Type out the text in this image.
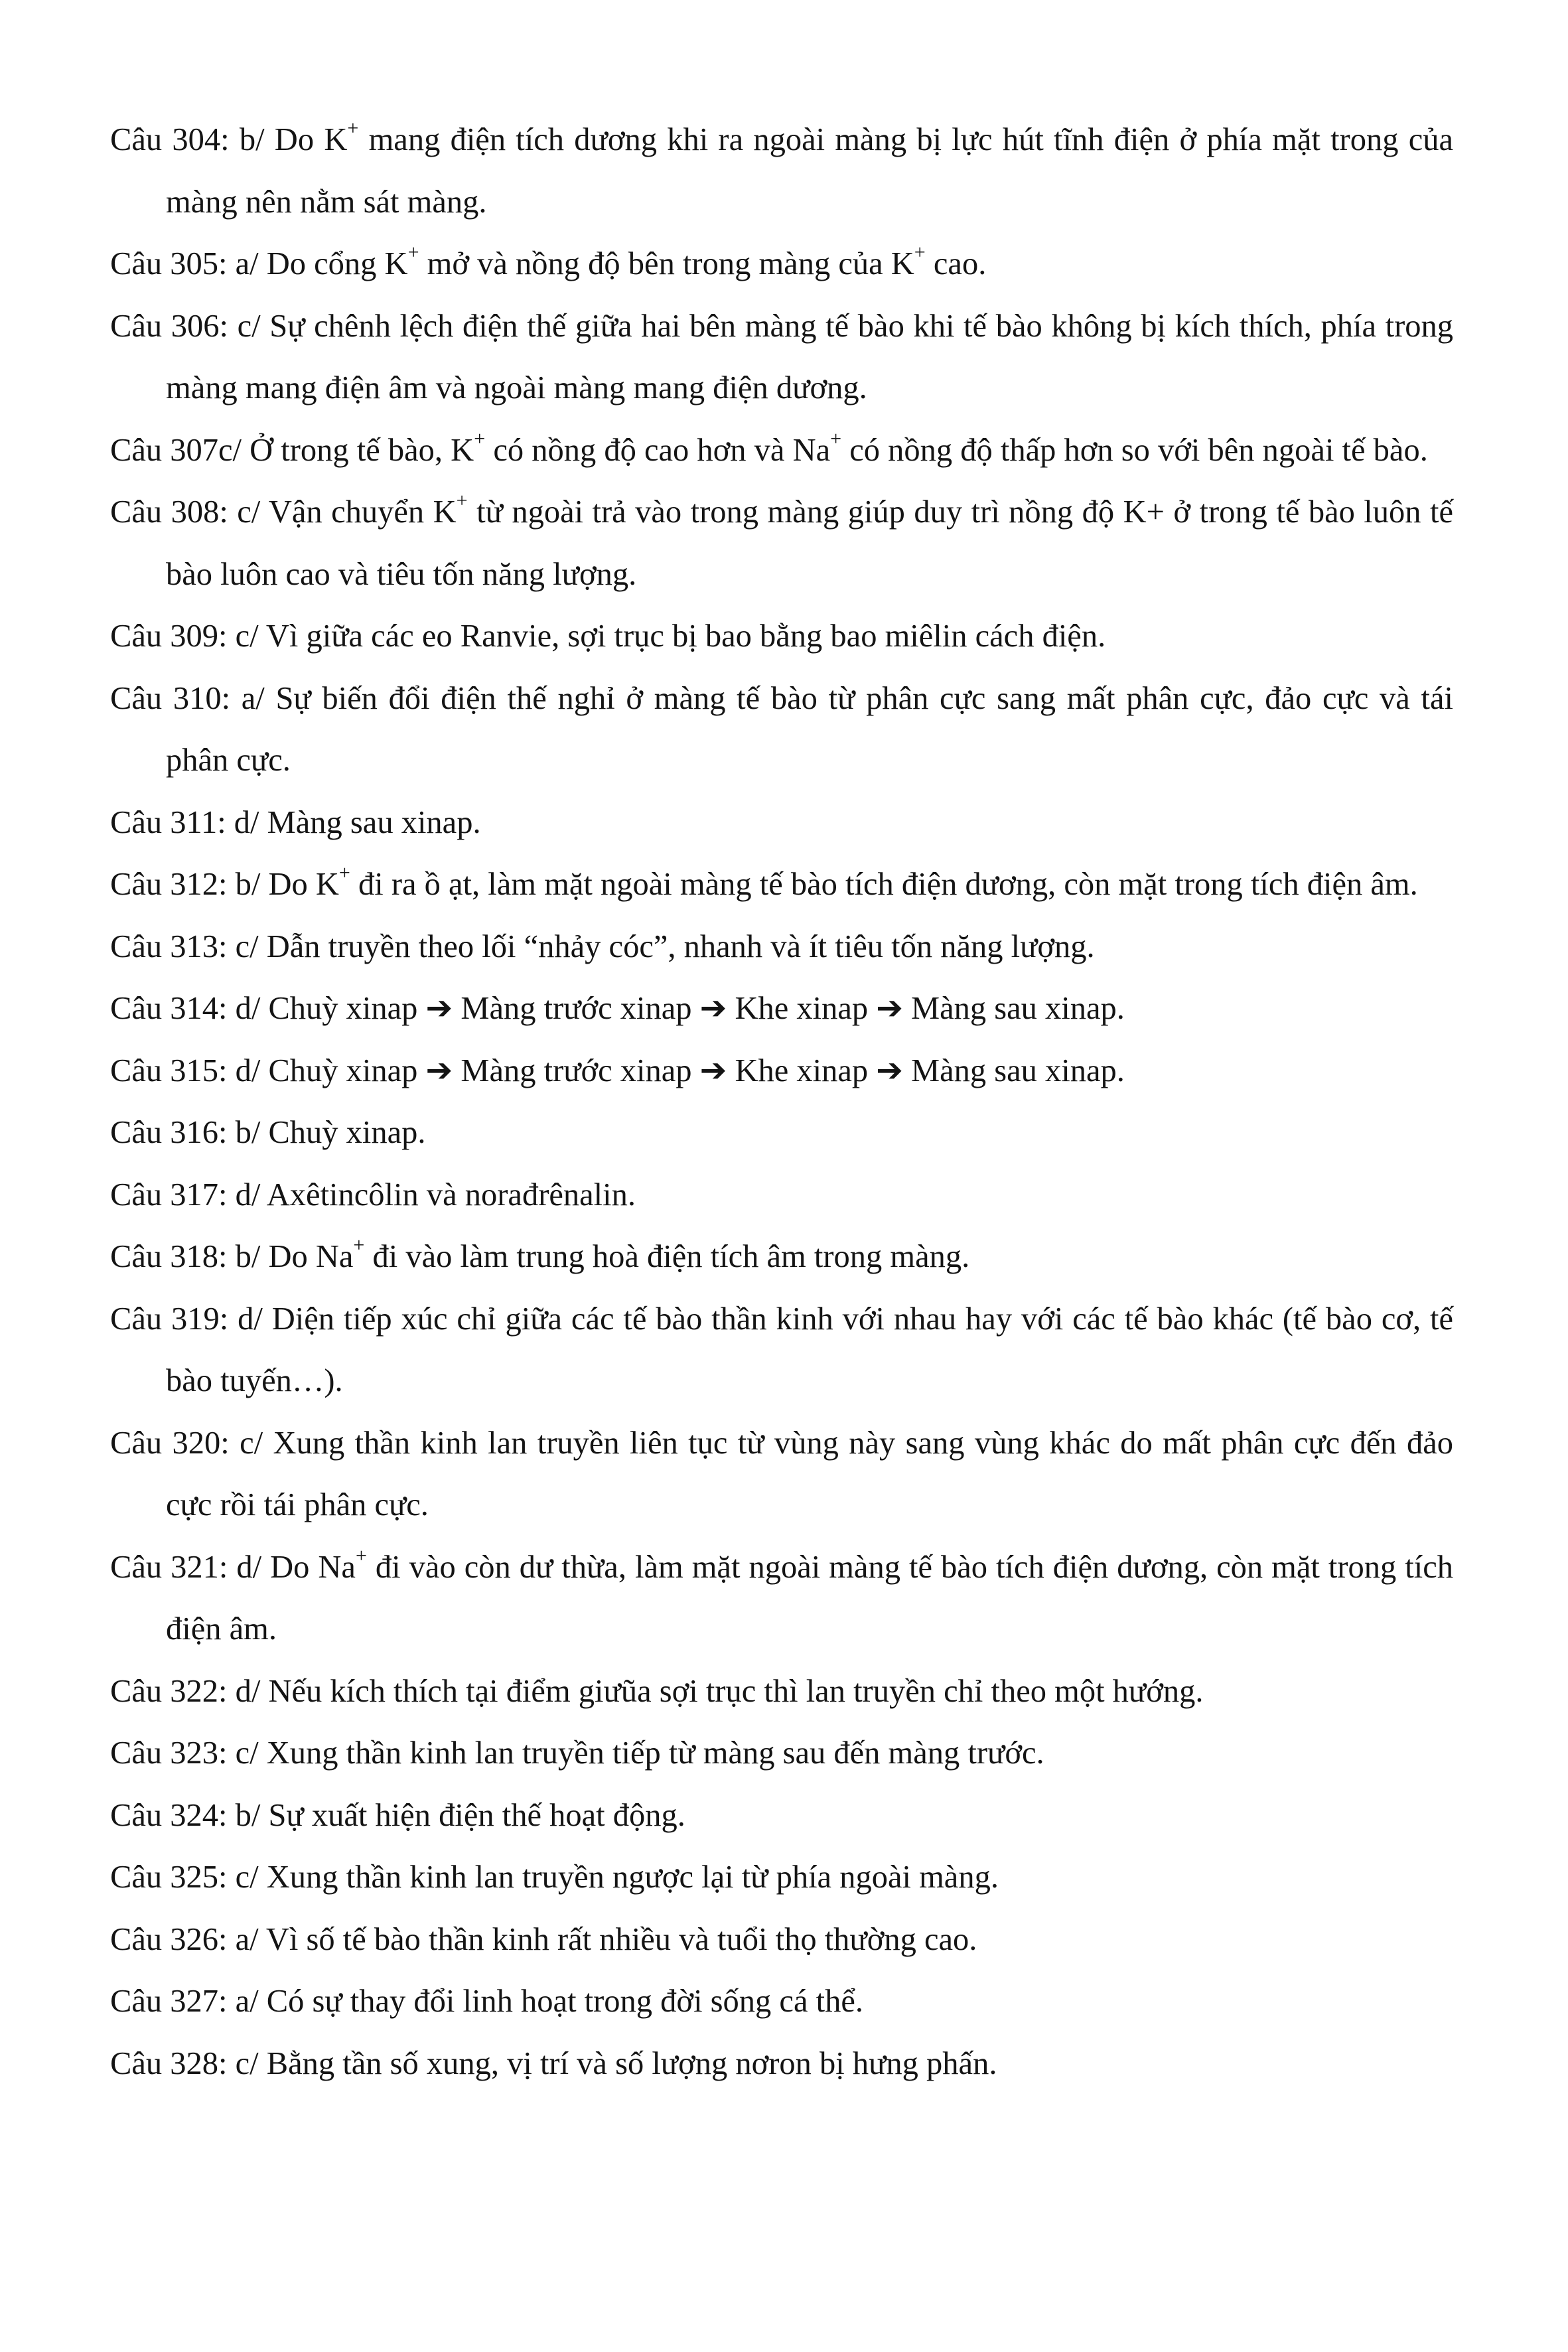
Câu 304: b/ Do K+ mang điện tích dương khi ra ngoài màng bị lực hút tĩnh điện ở phía mặt trong của màng nên nằm sát màng.

Câu 305: a/ Do cổng K+ mở và nồng độ bên trong màng của K+ cao.

Câu 306: c/ Sự chênh lệch điện thế giữa hai bên màng tế bào khi tế bào không bị kích thích, phía trong màng mang điện âm và ngoài màng mang điện dương.

Câu 307c/ Ở trong tế bào, K+ có nồng độ cao hơn và Na+ có nồng độ thấp hơn so với bên ngoài tế bào.

Câu 308: c/ Vận chuyển K+ từ ngoài trả vào trong màng giúp duy trì nồng độ K+ ở trong tế bào luôn tế bào luôn cao và tiêu tốn năng lượng.

Câu 309: c/ Vì giữa các eo Ranvie, sợi trục bị bao bằng bao miêlin cách điện.

Câu 310: a/ Sự biến đổi điện thế nghỉ ở màng tế bào từ phân cực sang mất phân cực, đảo cực và tái phân cực.

Câu 311: d/ Màng sau xinap.

Câu 312: b/ Do K+ đi ra ồ ạt, làm mặt ngoài màng tế bào tích điện dương, còn mặt trong tích điện âm.

Câu 313: c/ Dẫn truyền theo lối “nhảy cóc”, nhanh và ít tiêu tốn năng lượng.

Câu 314: d/ Chuỳ xinap ➔ Màng trước xinap ➔ Khe xinap ➔ Màng sau xinap.

Câu 315: d/ Chuỳ xinap ➔ Màng trước xinap ➔ Khe xinap ➔ Màng sau xinap.

Câu 316: b/ Chuỳ xinap.

Câu 317: d/ Axêtincôlin và norađrênalin.

Câu 318: b/ Do Na+ đi vào làm trung hoà điện tích âm trong màng.

Câu 319: d/ Diện tiếp xúc chỉ giữa các tế bào thần kinh với nhau hay với các tế bào khác (tế bào cơ, tế bào tuyến…).

Câu 320: c/ Xung thần kinh lan truyền liên tục từ vùng này sang vùng khác do mất phân cực đến đảo cực rồi tái phân cực.

Câu 321: d/ Do Na+ đi vào còn dư thừa, làm mặt ngoài màng tế bào tích điện dương, còn mặt trong tích điện âm.

Câu 322: d/ Nếu kích thích tại điểm giưũa sợi trục thì lan truyền chỉ theo một hướng.

Câu 323: c/ Xung thần kinh lan truyền tiếp từ màng sau đến màng trước.

Câu 324: b/ Sự xuất hiện điện thế hoạt động.

Câu 325: c/ Xung thần kinh lan truyền ngược lại từ phía ngoài màng.

Câu 326: a/ Vì số tế bào thần kinh rất nhiều và tuổi thọ thường cao.

Câu 327: a/ Có sự thay đổi linh hoạt trong đời sống cá thể.

Câu 328: c/ Bằng tần số xung, vị trí và số lượng nơron bị hưng phấn.
